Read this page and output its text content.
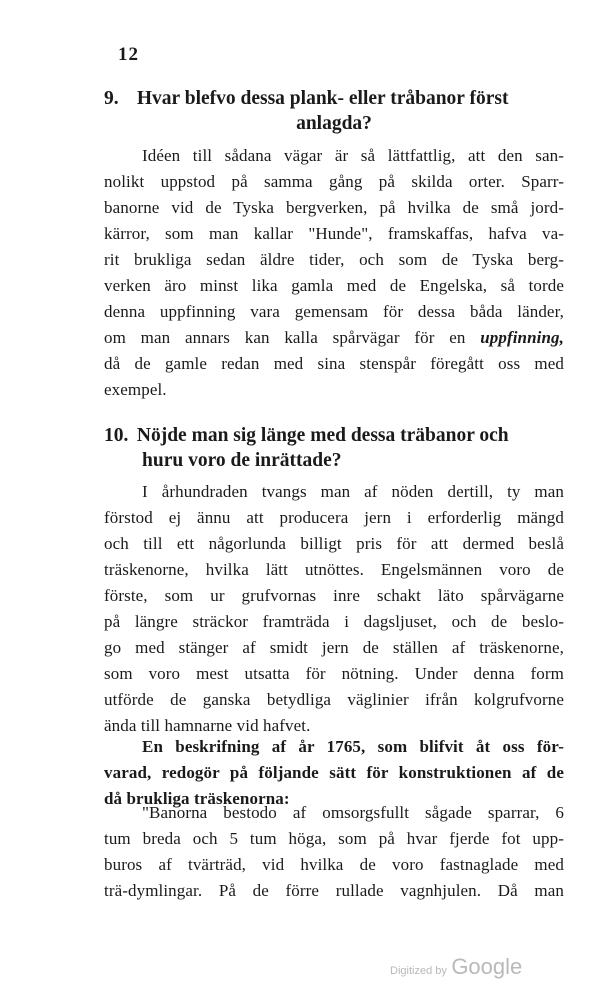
12
9. Hvar blefvo dessa plank- eller tråbanor först
anlagda?
Idéen till sådana vägar är så lättfattlig, att den san-
nolikt uppstod på samma gång på skilda orter. Sparr-
banorne vid de Tyska bergverken, på hvilka de små jord-
kärror, som man kallar "Hunde", framskaffas, hafva va-
rit brukliga sedan äldre tider, och som de Tyska berg-
verken äro minst lika gamla med de Engelska, så torde
denna uppfinning vara gemensam för dessa båda länder,
om man annars kan kalla spårvägar för en uppfinning,
då de gamle redan med sina stenspår föregått oss med
exempel.
10. Nöjde man sig länge med dessa träbanor och
huru voro de inrättade?
I århundraden tvangs man af nöden dertill, ty man
förstod ej ännu att producera jern i erforderlig mängd
och till ett någorlunda billigt pris för att dermed beslå
träskenorne, hvilka lätt utnöttes. Engelsmännen voro de
förste, som ur grufvornas inre schakt läto spårvägarne
på längre sträckor framträda i dagsljuset, och de beslo-
go med stänger af smidt jern de ställen af träskenorne,
som voro mest utsatta för nötning. Under denna form
utförde de ganska betydliga väglinier ifrån kolgrufvorne
ända till hamnarne vid hafvet.
En beskrifning af år 1765, som blifvit åt oss för-
varad, redogör på följande sätt för konstruktionen af de
då brukliga träskenorna:
"Banorna bestodo af omsorgsfullt sågade sparrar, 6
tum breda och 5 tum höga, som på hvar fjerde fot upp-
buros af tvärträd, vid hvilka de voro fastnaglade med
trä-dymlingar. På de förre rullade vagnhjulen. Då man
Digitized by Google
